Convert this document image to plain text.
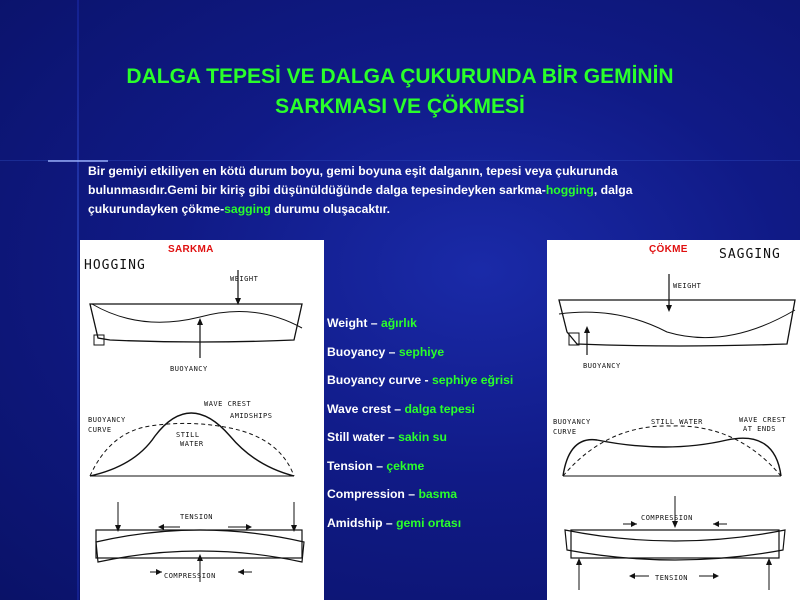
DALGA TEPESİ VE DALGA ÇUKURUNDA BİR GEMİNİN
SARKMASI VE ÇÖKMESİ
Bir gemiyi etkiliyen en kötü durum boyu, gemi boyuna eşit dalganın, tepesi veya çukurunda bulunmasıdır.Gemi bir kiriş gibi düşünüldüğünde dalga tepesindeyken sarkma-hogging, dalga çukurundayken çökme-sagging durumu oluşacaktır.
SARKMA
HOGGING
WEIGHT
BUOYANCY
WAVE CREST
AMIDSHIPS
BUOYANCY
CURVE
STILL
WATER
TENSION
COMPRESSION
Weight – ağırlık
Buoyancy – sephiye
Buoyancy curve - sephiye eğrisi
Wave crest – dalga tepesi
Still water – sakin su
Tension – çekme
Compression – basma
Amidship – gemi ortası
ÇÖKME SAGGING
WEIGHT
BUOYANCY
BUOYANCY
CURVE
STILL WATER	WAVE CREST
AT ENDS
COMPRESSION
TENSION
